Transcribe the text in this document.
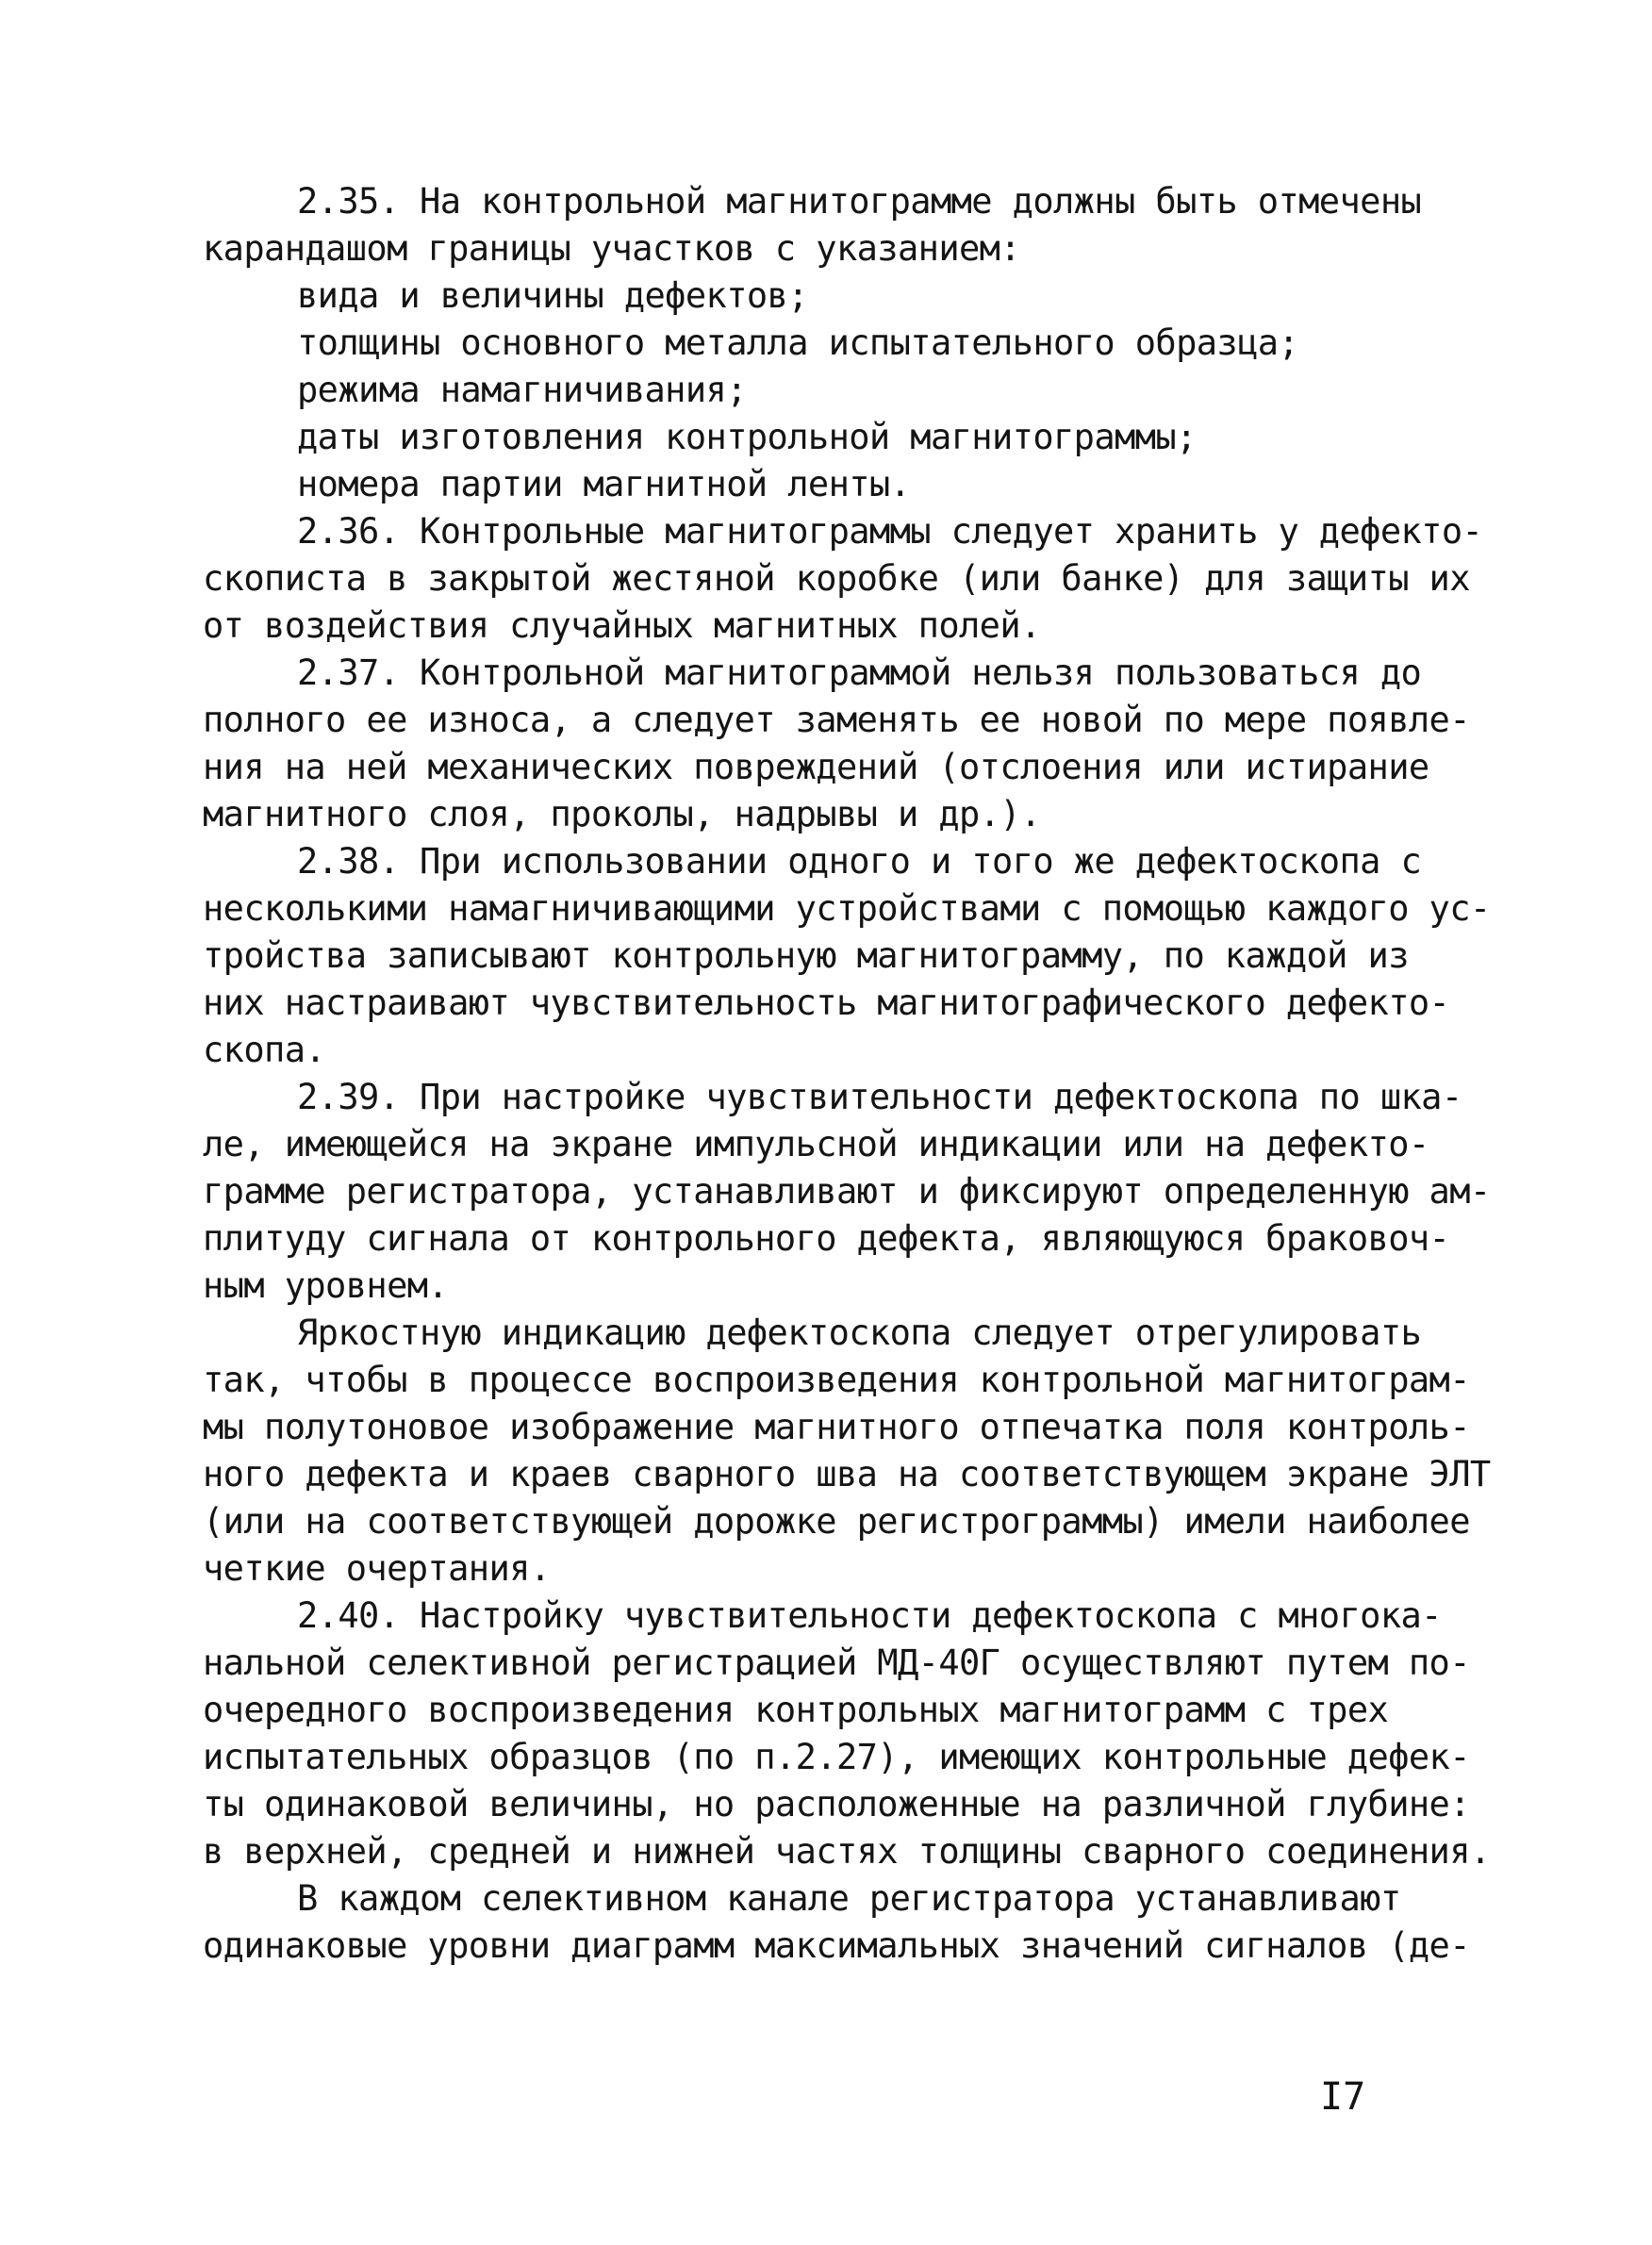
2.35. На контрольной магнитограмме должны быть отмечены
карандашом границы участков с указанием:
вида и величины дефектов;
толщины основного металла испытательного образца;
режима намагничивания;
даты изготовления контрольной магнитограммы;
номера партии магнитной ленты.
2.36. Контрольные магнитограммы следует хранить у дефекто-
скописта в закрытой жестяной коробке (или банке) для защиты их
от воздействия случайных магнитных полей.
2.37. Контрольной магнитограммой нельзя пользоваться до
полного ее износа, а следует заменять ее новой по мере появле-
ния на ней механических повреждений (отслоения или истирание
магнитного слоя, проколы, надрывы и др.).
2.38. При использовании одного и того же дефектоскопа с
несколькими намагничивающими устройствами с помощью каждого ус-
тройства записывают контрольную магнитограмму, по каждой из
них настраивают чувствительность магнитографического дефекто-
скопа.
2.39. При настройке чувствительности дефектоскопа по шка-
ле, имеющейся на экране импульсной индикации или на дефекто-
грамме регистратора, устанавливают и фиксируют определенную ам-
плитуду сигнала от контрольного дефекта, являющуюся браковоч-
ным уровнем.
Яркостную индикацию дефектоскопа следует отрегулировать
так, чтобы в процессе воспроизведения контрольной магнитограм-
мы полутоновое изображение магнитного отпечатка поля контроль-
ного дефекта и краев сварного шва на соответствующем экране ЭЛТ
(или на соответствующей дорожке регистрограммы) имели наиболее
четкие очертания.
2.40. Настройку чувствительности дефектоскопа с многока-
нальной селективной регистрацией МД-40Г осуществляют путем по-
очередного воспроизведения контрольных магнитограмм с трех
испытательных образцов (по п.2.27), имеющих контрольные дефек-
ты одинаковой величины, но расположенные на различной глубине:
в верхней, средней и нижней частях толщины сварного соединения.
В каждом селективном канале регистратора устанавливают
одинаковые уровни диаграмм максимальных значений сигналов (де-
I7
